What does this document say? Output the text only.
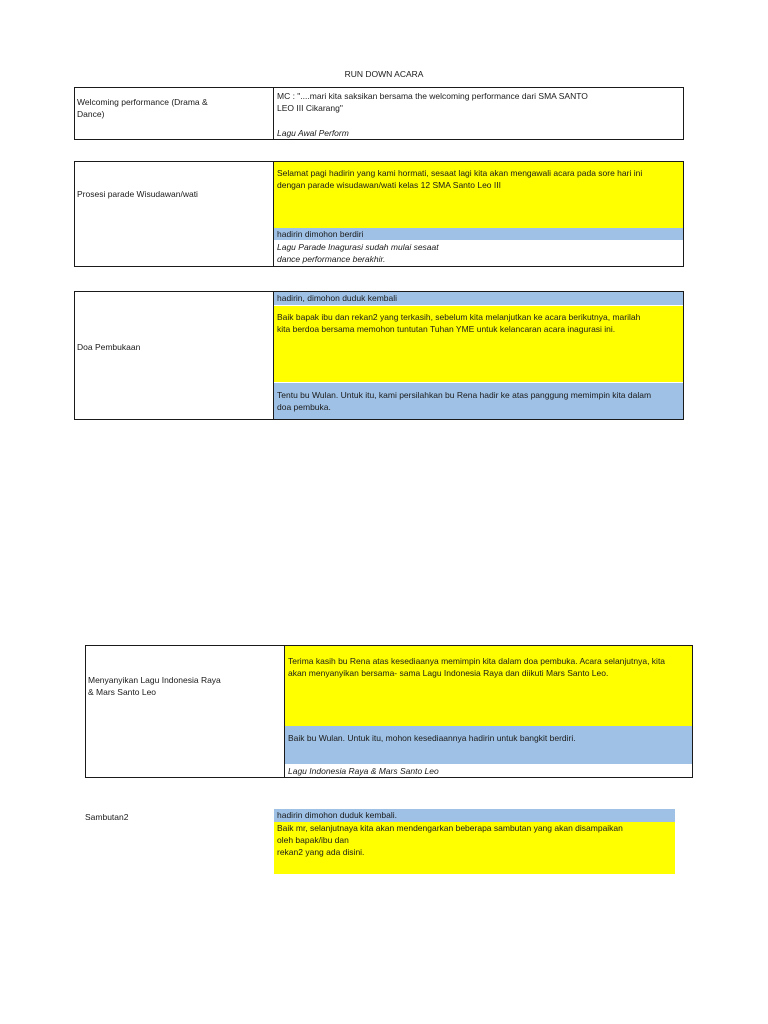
RUN DOWN ACARA
Welcoming performance (Drama &
Dance)
MC : "....mari kita saksikan bersama the welcoming performance dari SMA SANTO
LEO III Cikarang"
Lagu Awal Perform
Prosesi parade Wisudawan/wati
Selamat pagi hadirin yang kami hormati, sesaat lagi kita akan mengawali acara pada sore hari ini
dengan parade wisudawan/wati kelas 12 SMA Santo Leo III
hadirin dimohon berdiri
Lagu Parade Inagurasi sudah mulai sesaat
dance performance berakhir.
Doa Pembukaan
hadirin, dimohon duduk kembali
Baik bapak ibu dan rekan2 yang terkasih, sebelum kita melanjutkan ke acara berikutnya, marilah
kita berdoa bersama memohon tuntutan Tuhan YME untuk kelancaran acara inagurasi ini.
Tentu bu Wulan. Untuk itu, kami persilahkan bu Rena hadir ke atas panggung memimpin kita dalam
doa pembuka.
Menyanyikan Lagu Indonesia Raya
& Mars Santo Leo
Terima kasih bu Rena atas kesediaanya memimpin kita dalam doa pembuka. Acara selanjutnya, kita
akan menyanyikan bersama- sama Lagu Indonesia Raya dan diikuti Mars Santo Leo.
Baik bu Wulan. Untuk itu, mohon kesediaannya hadirin untuk bangkit berdiri.
Lagu Indonesia Raya & Mars Santo Leo
Sambutan2	hadirin dimohon duduk kembali.
Baik mr, selanjutnaya kita akan mendengarkan beberapa sambutan yang akan disampaikan
oleh bapak/ibu dan
rekan2 yang ada disini.
